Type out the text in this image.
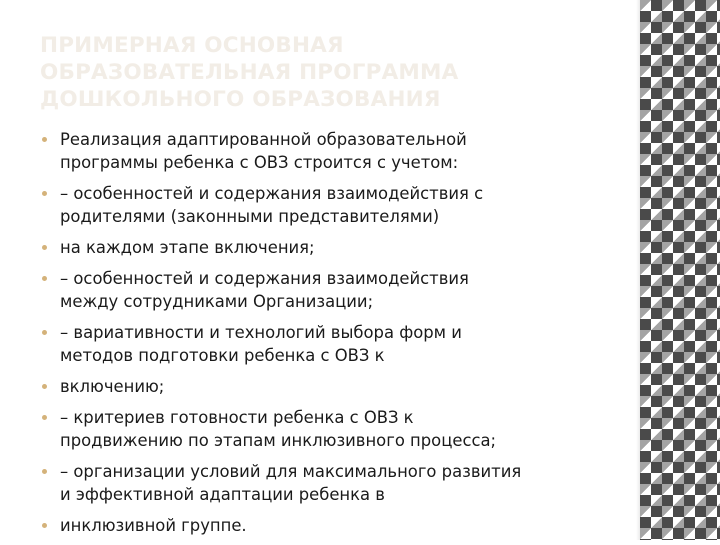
ПРИМЕРНАЯ ОСНОВНАЯ
ОБРАЗОВАТЕЛЬНАЯ ПРОГРАММА
ДОШКОЛЬНОГО ОБРАЗОВАНИЯ
Реализация адаптированной образовательной
программы ребенка с ОВЗ строится с учетом:
– особенностей и содержания взаимодействия с
родителями (законными представителями)
на каждом этапе включения;
– особенностей и содержания взаимодействия
между сотрудниками Организации;
– вариативности и технологий выбора форм и
методов подготовки ребенка с ОВЗ к
включению;
– критериев готовности ребенка с ОВЗ к
продвижению по этапам инклюзивного процесса;
– организации условий для максимального развития
и эффективной адаптации ребенка в
инклюзивной группе.
